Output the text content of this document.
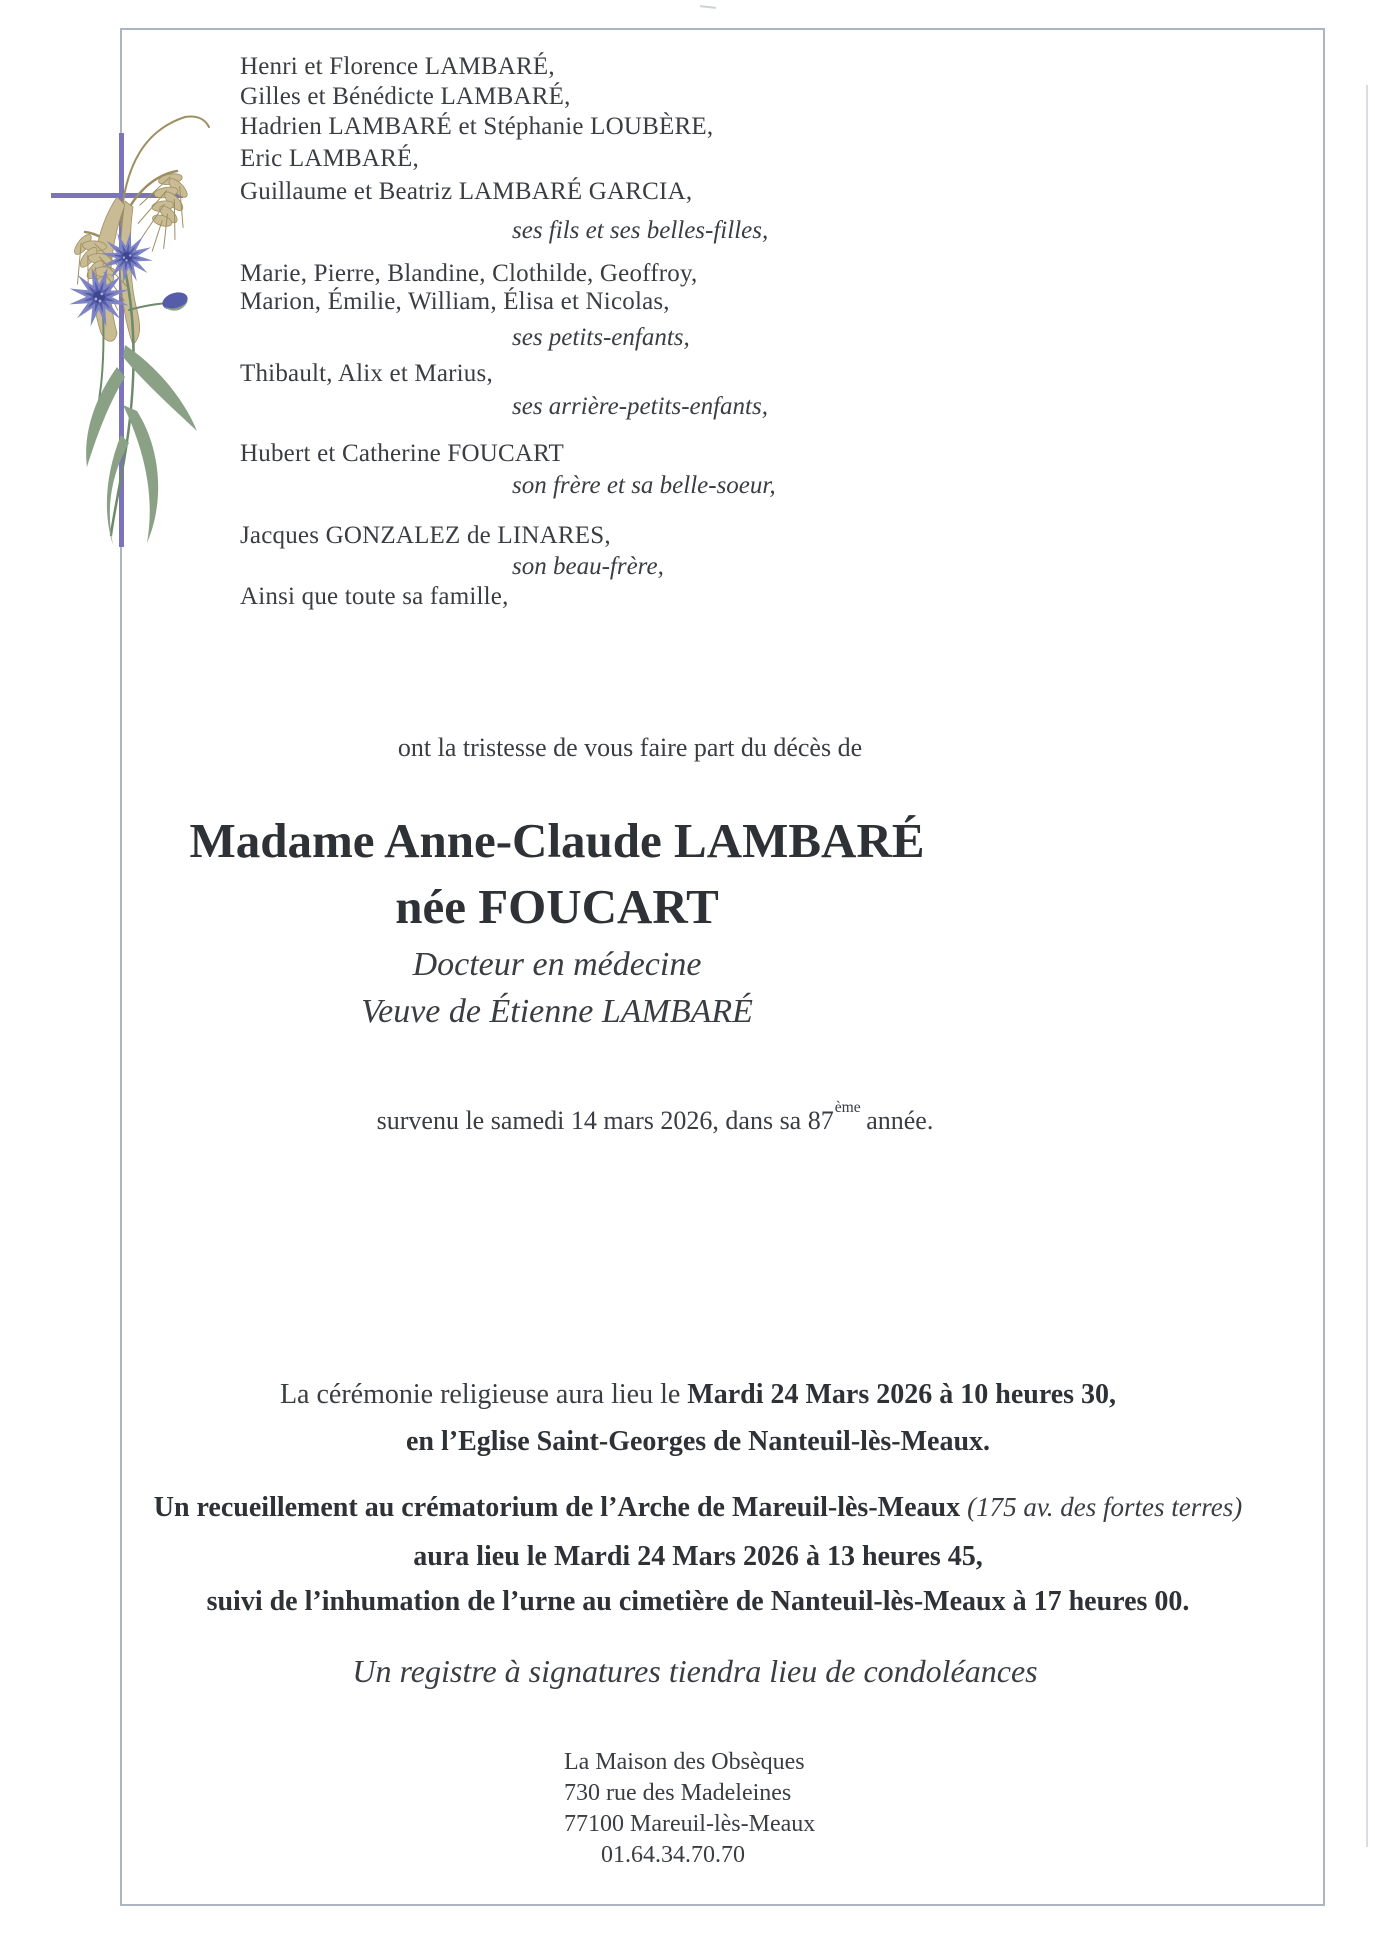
Henri et Florence LAMBARÉ,
Gilles et Bénédicte LAMBARÉ,
Hadrien LAMBARÉ et Stéphanie LOUBÈRE,
Eric LAMBARÉ,
Guillaume et Beatriz LAMBARÉ GARCIA,
ses fils et ses belles-filles,
Marie, Pierre, Blandine, Clothilde, Geoffroy,
Marion, Émilie, William, Élisa et Nicolas,
ses petits-enfants,
Thibault, Alix et Marius,
ses arrière-petits-enfants,
Hubert et Catherine FOUCART
son frère et sa belle-soeur,
Jacques GONZALEZ de LINARES,
son beau-frère,
Ainsi que toute sa famille,
ont la tristesse de vous faire part du décès de
Madame Anne-Claude LAMBARÉ
née FOUCART
Docteur en médecine
Veuve de Étienne LAMBARÉ
survenu le samedi 14 mars 2026, dans sa 87ème année.
La cérémonie religieuse aura lieu le Mardi 24 Mars 2026 à 10 heures 30,
en l’Eglise Saint-Georges de Nanteuil-lès-Meaux.
Un recueillement au crématorium de l’Arche de Mareuil-lès-Meaux (175 av. des fortes terres)
aura lieu le Mardi 24 Mars 2026 à 13 heures 45,
suivi de l’inhumation de l’urne au cimetière de Nanteuil-lès-Meaux à 17 heures 00.
Un registre à signatures tiendra lieu de condoléances
La Maison des Obsèques
730 rue des Madeleines
77100 Mareuil-lès-Meaux
01.64.34.70.70
